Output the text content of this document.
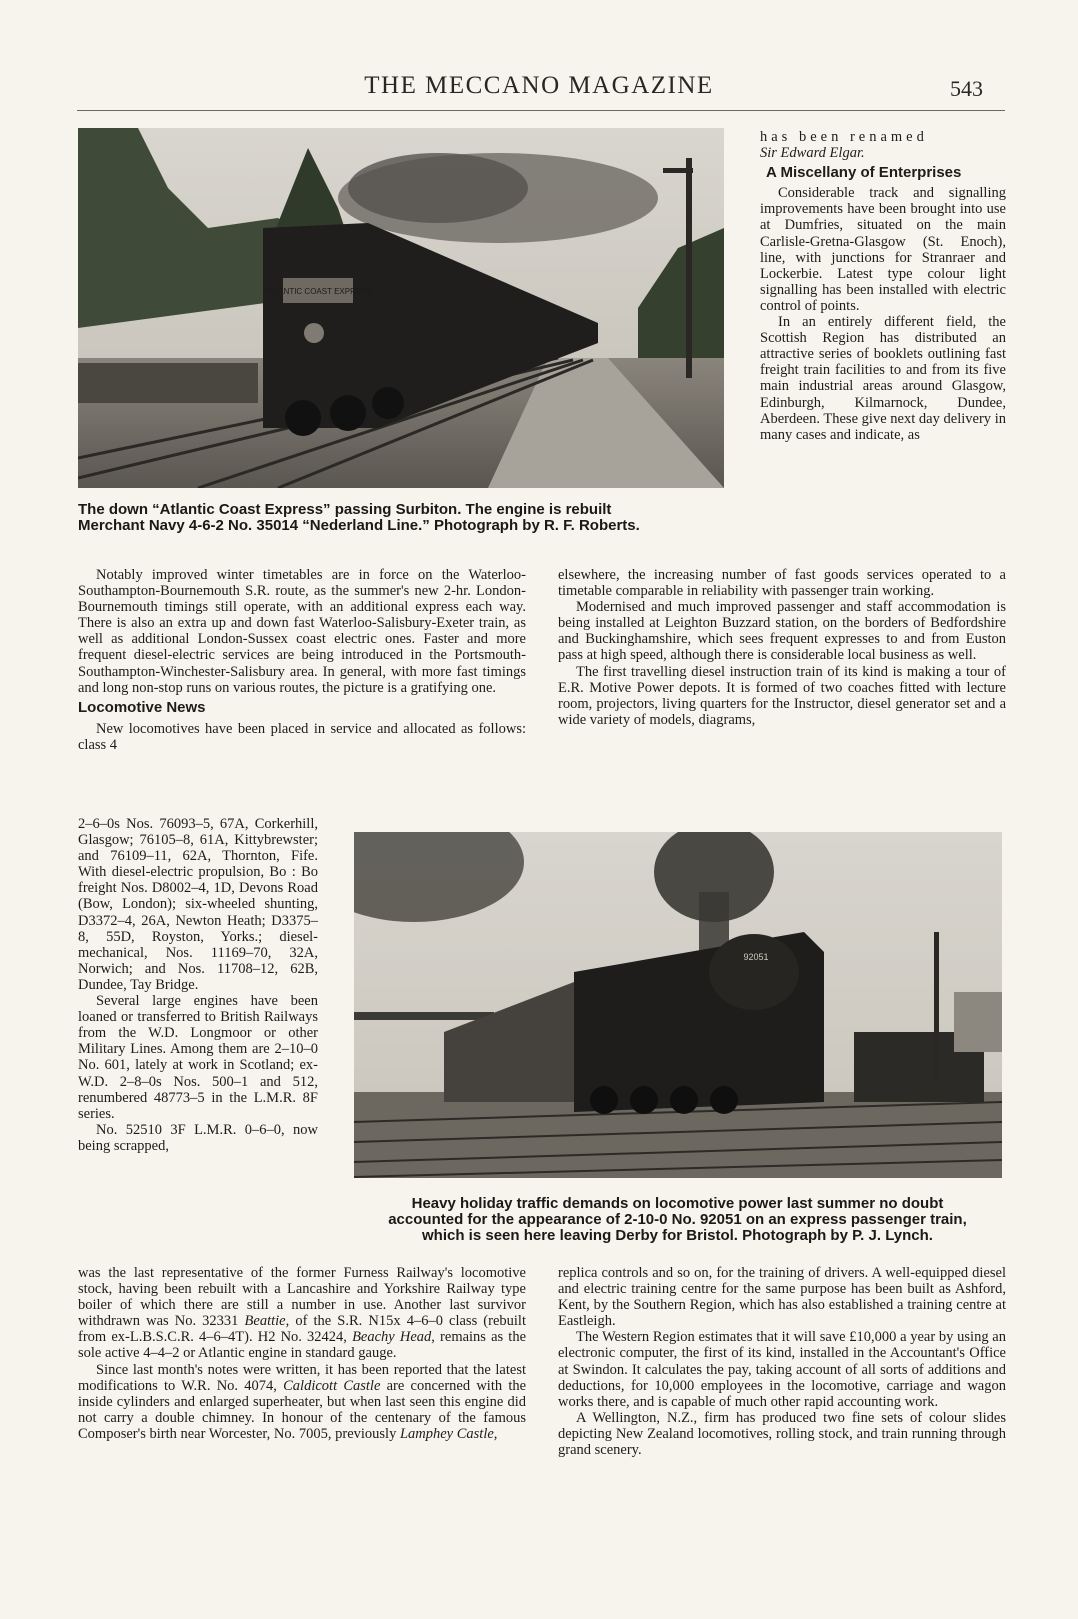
THE MECCANO MAGAZINE	543
ATLANTIC COAST EXPRESS
The down “Atlantic Coast Express” passing Surbiton. The engine is rebuilt
Merchant Navy 4-6-2 No. 35014 “Nederland Line.” Photograph by R. F. Roberts.

has been renamed

Sir Edward Elgar.

A Miscellany of Enterprises

Considerable track and signalling improvements have been brought into use at Dumfries, situated on the main Carlisle-Gretna-Glasgow (St. Enoch), line, with junctions for Stranraer and Lockerbie. Latest type colour light signalling has been installed with electric control of points.

In an entirely different field, the Scottish Region has distributed an attractive series of booklets outlining fast freight train facilities to and from its five main industrial areas around Glasgow, Edinburgh, Kilmarnock, Dundee, Aberdeen. These give next day delivery in many cases and indicate, as

Notably improved winter timetables are in force on the Waterloo-Southampton-Bournemouth S.R. route, as the summer's new 2-hr. London-Bournemouth timings still operate, with an additional express each way. There is also an extra up and down fast Waterloo-Salisbury-Exeter train, as well as additional London-Sussex coast electric ones. Faster and more frequent diesel-electric services are being introduced in the Portsmouth-Southampton-Winchester-Salisbury area. In general, with more fast timings and long non-stop runs on various routes, the picture is a gratifying one.

Locomotive News

New locomotives have been placed in service and allocated as follows: class 4

elsewhere, the increasing number of fast goods services operated to a timetable comparable in reliability with passenger train working.

Modernised and much improved passenger and staff accommodation is being installed at Leighton Buzzard station, on the borders of Bedfordshire and Buckinghamshire, which sees frequent expresses to and from Euston pass at high speed, although there is considerable local business as well.

The first travelling diesel instruction train of its kind is making a tour of E.R. Motive Power depots. It is formed of two coaches fitted with lecture room, projectors, living quarters for the Instructor, diesel generator set and a wide variety of models, diagrams,

2–6–0s Nos. 76093–5, 67A, Corkerhill, Glasgow; 76105–8, 61A, Kittybrewster; and 76109–11, 62A, Thornton, Fife. With diesel-electric propulsion, Bo : Bo freight Nos. D8002–4, 1D, Devons Road (Bow, London); six-wheeled shunting, D3372–4, 26A, Newton Heath; D3375–8, 55D, Royston, Yorks.; diesel-mechanical, Nos. 11169–70, 32A, Norwich; and Nos. 11708–12, 62B, Dundee, Tay Bridge.

Several large engines have been loaned or transferred to British Railways from the W.D. Longmoor or other Military Lines. Among them are 2–10–0 No. 601, lately at work in Scotland; ex-W.D. 2–8–0s Nos. 500–1 and 512, renumbered 48773–5 in the L.M.R. 8F series.

No. 52510 3F L.M.R. 0–6–0, now being scrapped,

92051
Heavy holiday traffic demands on locomotive power last summer no doubt
accounted for the appearance of 2-10-0 No. 92051 on an express passenger train,
which is seen here leaving Derby for Bristol. Photograph by P. J. Lynch.

was the last representative of the former Furness Railway's locomotive stock, having been rebuilt with a Lancashire and Yorkshire Railway type boiler of which there are still a number in use. Another last survivor withdrawn was No. 32331 Beattie, of the S.R. N15x 4–6–0 class (rebuilt from ex-L.B.S.C.R. 4–6–4T). H2 No. 32424, Beachy Head, remains as the sole active 4–4–2 or Atlantic engine in standard gauge.

Since last month's notes were written, it has been reported that the latest modifications to W.R. No. 4074, Caldicott Castle are concerned with the inside cylinders and enlarged superheater, but when last seen this engine did not carry a double chimney. In honour of the centenary of the famous Composer's birth near Worcester, No. 7005, previously Lamphey Castle,

replica controls and so on, for the training of drivers. A well-equipped diesel and electric training centre for the same purpose has been built as Ashford, Kent, by the Southern Region, which has also established a training centre at Eastleigh.

The Western Region estimates that it will save £10,000 a year by using an electronic computer, the first of its kind, installed in the Accountant's Office at Swindon. It calculates the pay, taking account of all sorts of additions and deductions, for 10,000 employees in the locomotive, carriage and wagon works there, and is capable of much other rapid accounting work.

A Wellington, N.Z., firm has produced two fine sets of colour slides depicting New Zealand locomotives, rolling stock, and train running through grand scenery.
